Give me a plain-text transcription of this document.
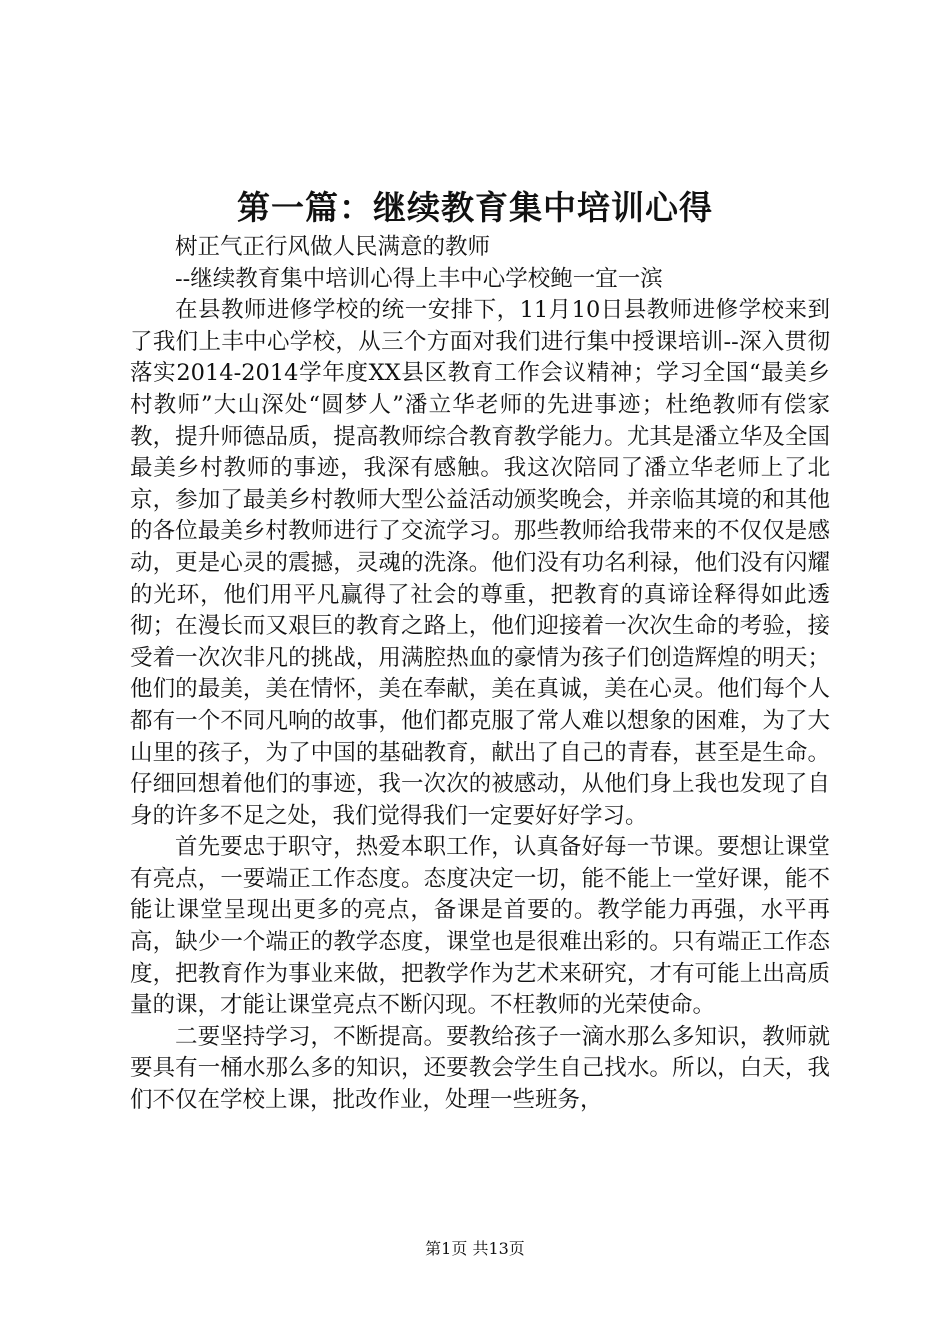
第一篇：继续教育集中培训心得

树正气正行风做人民满意的教师

--继续教育集中培训心得上丰中心学校鲍一宜一滨

在县教师进修学校的统一安排下，11月10日县教师进修学校来到了我们上丰中心学校，从三个方面对我们进行集中授课培训--深入贯彻落实2014-2014学年度XX县区教育工作会议精神；学习全国“最美乡村教师”大山深处“圆梦人”潘立华老师的先进事迹；杜绝教师有偿家教，提升师德品质，提高教师综合教育教学能力。尤其是潘立华及全国最美乡村教师的事迹，我深有感触。我这次陪同了潘立华老师上了北京，参加了最美乡村教师大型公益活动颁奖晚会，并亲临其境的和其他的各位最美乡村教师进行了交流学习。那些教师给我带来的不仅仅是感动，更是心灵的震撼，灵魂的洗涤。他们没有功名利禄，他们没有闪耀的光环，他们用平凡赢得了社会的尊重，把教育的真谛诠释得如此透彻；在漫长而又艰巨的教育之路上，他们迎接着一次次生命的考验，接受着一次次非凡的挑战，用满腔热血的豪情为孩子们创造辉煌的明天；他们的最美，美在情怀，美在奉献，美在真诚，美在心灵。他们每个人都有一个不同凡响的故事，他们都克服了常人难以想象的困难，为了大山里的孩子，为了中国的基础教育，献出了自己的青春，甚至是生命。仔细回想着他们的事迹，我一次次的被感动，从他们身上我也发现了自身的许多不足之处，我们觉得我们一定要好好学习。

首先要忠于职守，热爱本职工作，认真备好每一节课。要想让课堂有亮点，一要端正工作态度。态度决定一切，能不能上一堂好课，能不能让课堂呈现出更多的亮点，备课是首要的。教学能力再强，水平再高，缺少一个端正的教学态度，课堂也是很难出彩的。只有端正工作态度，把教育作为事业来做，把教学作为艺术来研究，才有可能上出高质量的课，才能让课堂亮点不断闪现。不枉教师的光荣使命。

二要坚持学习，不断提高。要教给孩子一滴水那么多知识，教师就要具有一桶水那么多的知识，还要教会学生自己找水。所以，白天，我们不仅在学校上课，批改作业，处理一些班务，

第1页 共13页
